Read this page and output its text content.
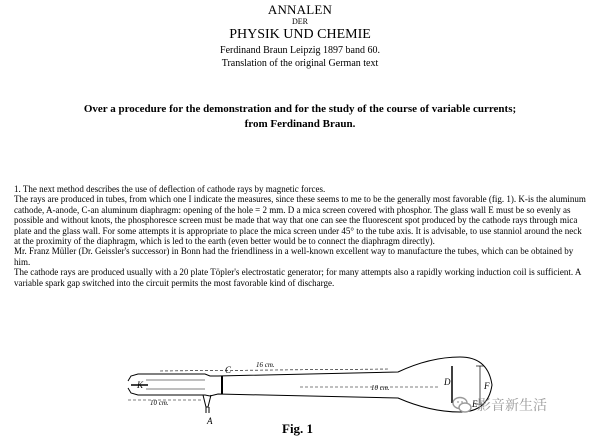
ANNALEN
DER
PHYSIK UND CHEMIE
Ferdinand Braun Leipzig 1897 band 60.
Translation of the original German text
Over a procedure for the demonstration and for the study of the course of variable currents;
from Ferdinand Braun.

1. The next method describes the use of deflection of cathode rays by magnetic forces.

The rays are produced in tubes, from which one I indicate the measures, since these seems to me to be the generally most favorable (fig. 1). K-is the aluminum cathode, A-anode, C-an aluminum diaphragm: opening of the hole = 2 mm. D a mica screen covered with phosphor. The glass wall E must be so evenly as possible and without knots, the phosphoresce screen must be made that way that one can see the fluorescent spot produced by the cathode rays through mica plate and the glass wall. For some attempts it is appropriate to place the mica screen under 45° to the tube axis. It is advisable, to use stanniol around the neck at the proximity of the diaphragm, which is led to the earth (even better would be to connect the diaphragm directly).

Mr. Franz Müller (Dr. Geissler's successor) in Bonn had the friendliness in a well-known excellent way to manufacture the tubes, which can be obtained by him.

The cathode rays are produced usually with a 20 plate Töpler's electrostatic generator; for many attempts also a rapidly working induction coil is sufficient. A variable spark gap switched into the circuit permits the most favorable kind of discharge.

K
A
C
D
E
F
16 cm.
10 cm.
10 cm.
Fig. 1
影音新生活
